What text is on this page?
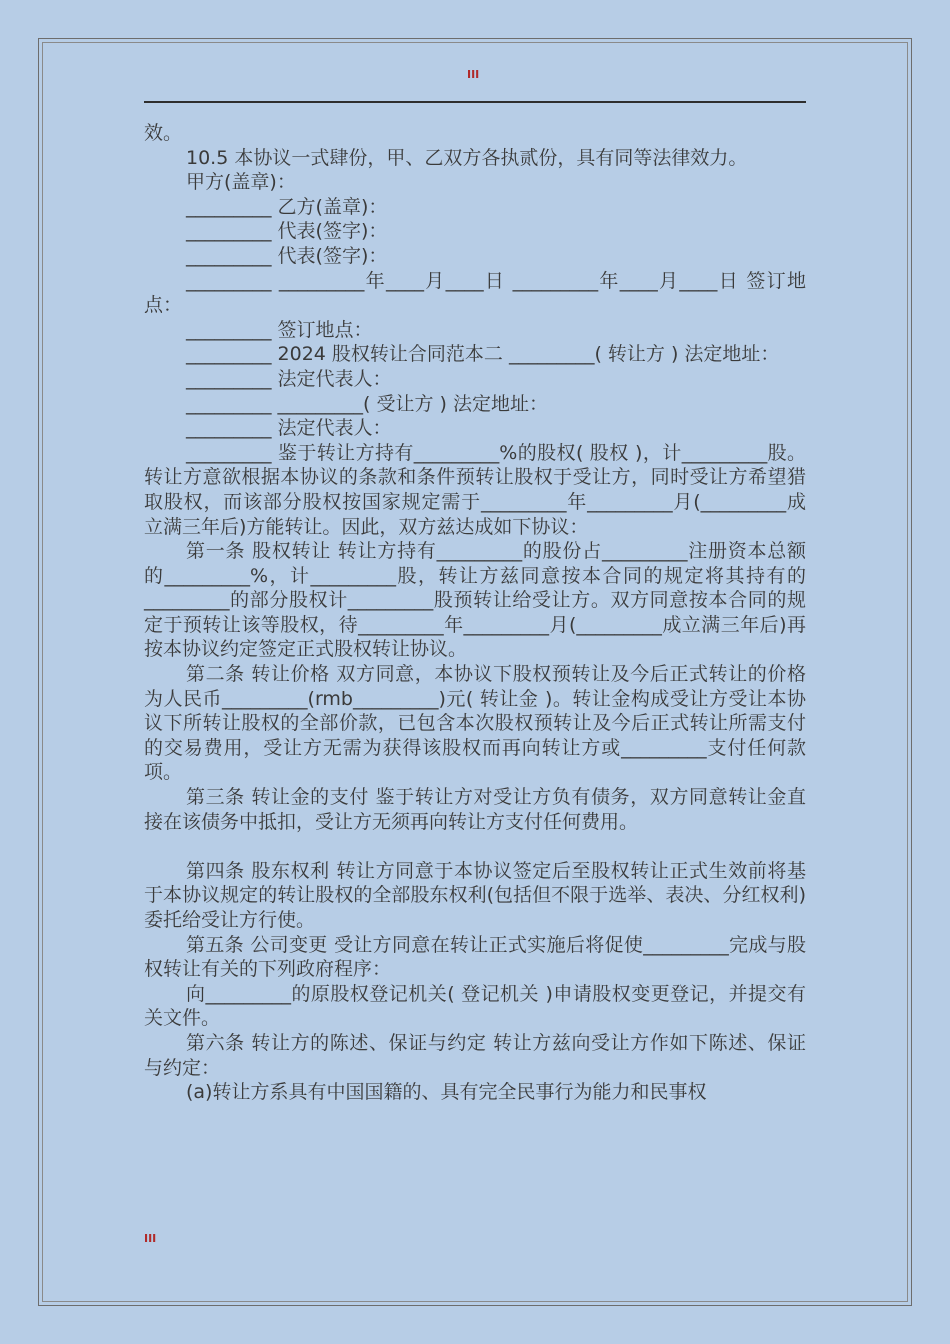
III

效。

10.5 本协议一式肆份，甲、乙双方各执贰份，具有同等法律效力。

甲方(盖章)：

_________ 乙方(盖章)：

_________ 代表(签字)：

_________ 代表(签字)：

_________ _________年____月____日 _________年____月____日 签订地点：

_________ 签订地点：

_________ 2024 股权转让合同范本二 _________( 转让方 ) 法定地址：

_________ 法定代表人：

_________ _________( 受让方 ) 法定地址：

_________ 法定代表人：

_________ 鉴于转让方持有_________%的股权( 股权 )，计_________股。转让方意欲根据本协议的条款和条件预转让股权于受让方，同时受让方希望猎取股权，而该部分股权按国家规定需于_________年_________月(_________成立满三年后)方能转让。因此，双方兹达成如下协议：

第一条 股权转让 转让方持有_________的股份占_________注册资本总额的_________%，计_________股，转让方兹同意按本合同的规定将其持有的_________的部分股权计_________股预转让给受让方。双方同意按本合同的规定于预转让该等股权，待_________年_________月(_________成立满三年后)再按本协议约定签定正式股权转让协议。

第二条 转让价格 双方同意，本协议下股权预转让及今后正式转让的价格为人民币_________(rmb_________)元( 转让金 )。转让金构成受让方受让本协议下所转让股权的全部价款，已包含本次股权预转让及今后正式转让所需支付的交易费用，受让方无需为获得该股权而再向转让方或_________支付任何款项。

第三条 转让金的支付 鉴于转让方对受让方负有债务，双方同意转让金直接在该债务中抵扣，受让方无须再向转让方支付任何费用。

第四条 股东权利 转让方同意于本协议签定后至股权转让正式生效前将基于本协议规定的转让股权的全部股东权利(包括但不限于选举、表决、分红权利)委托给受让方行使。

第五条 公司变更 受让方同意在转让正式实施后将促使_________完成与股权转让有关的下列政府程序：

向_________的原股权登记机关( 登记机关 )申请股权变更登记，并提交有关文件。

第六条 转让方的陈述、保证与约定 转让方兹向受让方作如下陈述、保证与约定：

(a)转让方系具有中国国籍的、具有完全民事行为能力和民事权

III
